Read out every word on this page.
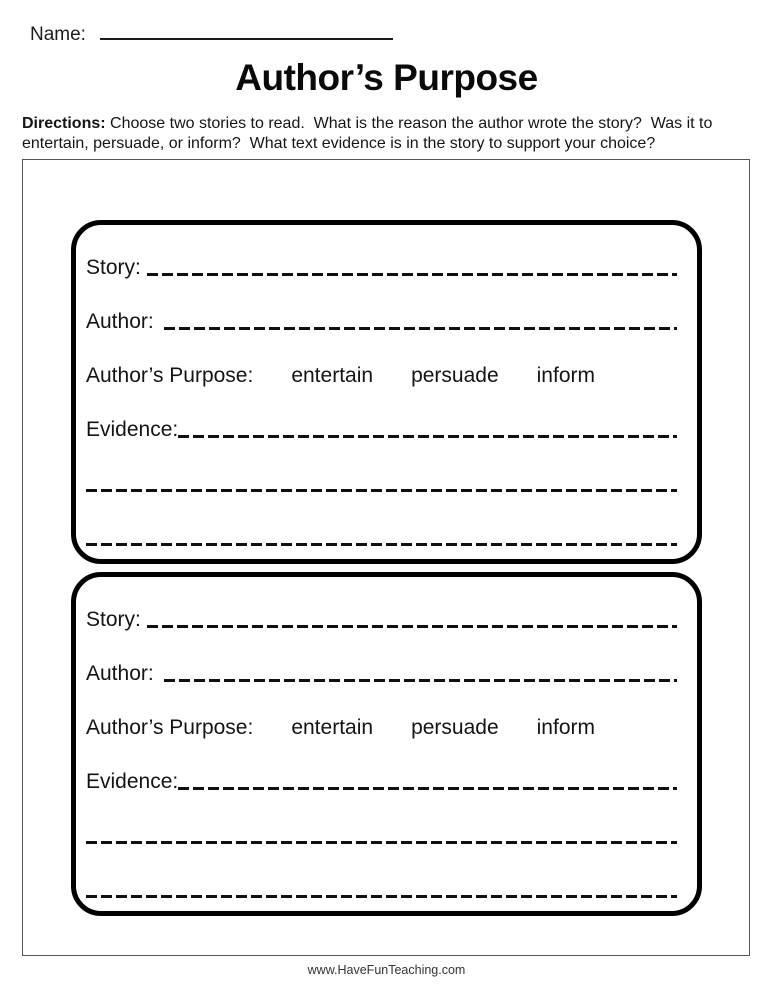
Name:
Author’s Purpose

Directions: Choose two stories to read.  What is the reason the author wrote the story?  Was it to entertain, persuade, or inform?  What text evidence is in the story to support your choice?

Story:
Author:
Author’s Purpose: entertain persuade inform
Evidence:
Story:
Author:
Author’s Purpose: entertain persuade inform
Evidence:
www.HaveFunTeaching.com
